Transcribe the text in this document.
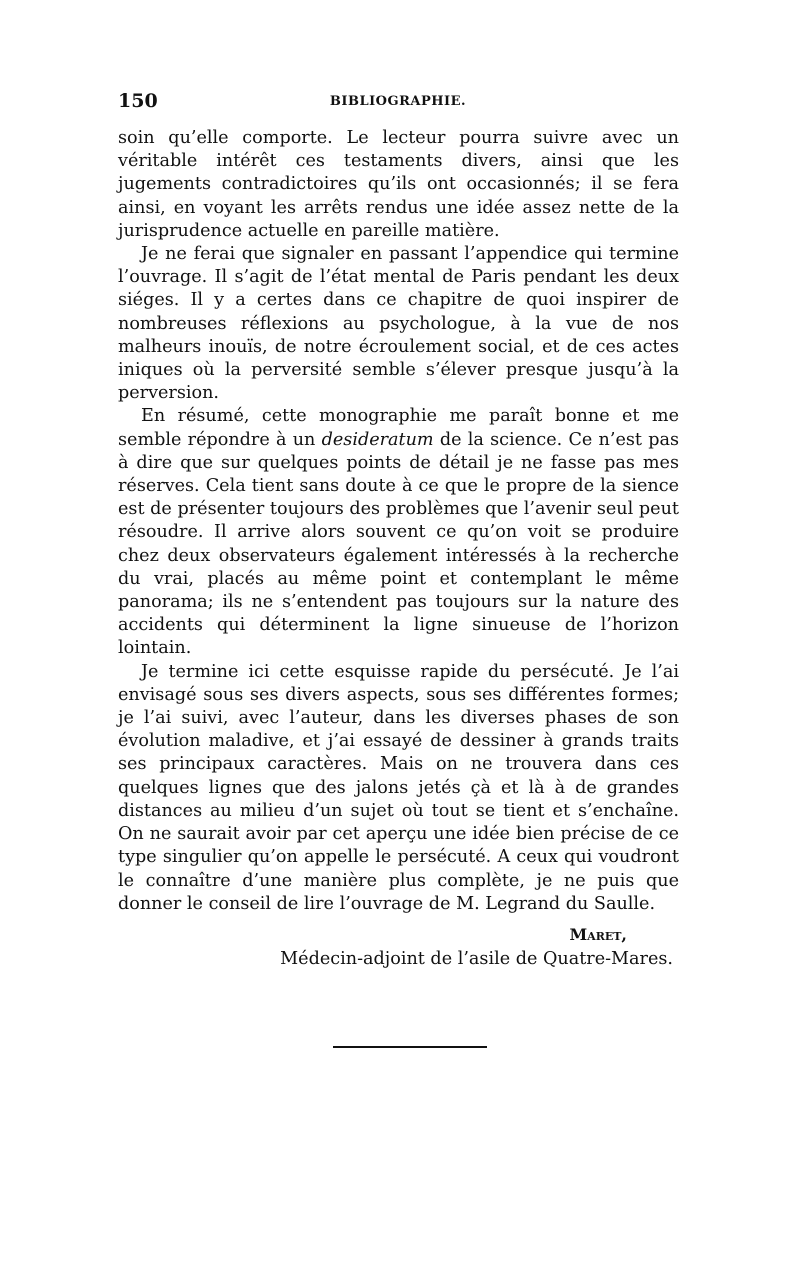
150	BIBLIOGRAPHIE.

soin qu’elle comporte. Le lecteur pourra suivre avec un véritable intérêt ces testaments divers, ainsi que les jugements contradictoires qu’ils ont occasionnés; il se fera ainsi, en voyant les arrêts rendus une idée assez nette de la jurisprudence actuelle en pareille matière.

Je ne ferai que signaler en passant l’appendice qui termine l’ouvrage. Il s’agit de l’état mental de Paris pendant les deux siéges. Il y a certes dans ce chapitre de quoi inspirer de nombreuses réflexions au psychologue, à la vue de nos malheurs inouïs, de notre écroulement social, et de ces actes iniques où la perversité semble s’élever presque jusqu’à la perversion.

En résumé, cette monographie me paraît bonne et me semble répondre à un desideratum de la science. Ce n’est pas à dire que sur quelques points de détail je ne fasse pas mes réserves. Cela tient sans doute à ce que le propre de la sience est de présenter toujours des problèmes que l’avenir seul peut résoudre. Il arrive alors souvent ce qu’on voit se produire chez deux observateurs également intéressés à la recherche du vrai, placés au même point et contemplant le même panorama; ils ne s’entendent pas toujours sur la nature des accidents qui déterminent la ligne sinueuse de l’horizon lointain.

Je termine ici cette esquisse rapide du persécuté. Je l’ai envisagé sous ses divers aspects, sous ses différentes formes; je l’ai suivi, avec l’auteur, dans les diverses phases de son évolution maladive, et j’ai essayé de dessiner à grands traits ses principaux caractères. Mais on ne trouvera dans ces quelques lignes que des jalons jetés çà et là à de grandes distances au milieu d’un sujet où tout se tient et s’enchaîne. On ne saurait avoir par cet aperçu une idée bien précise de ce type singulier qu’on appelle le persécuté. A ceux qui voudront le connaître d’une manière plus complète, je ne puis que donner le conseil de lire l’ouvrage de M. Legrand du Saulle.

Maret,
Médecin-adjoint de l’asile de Quatre-Mares.
